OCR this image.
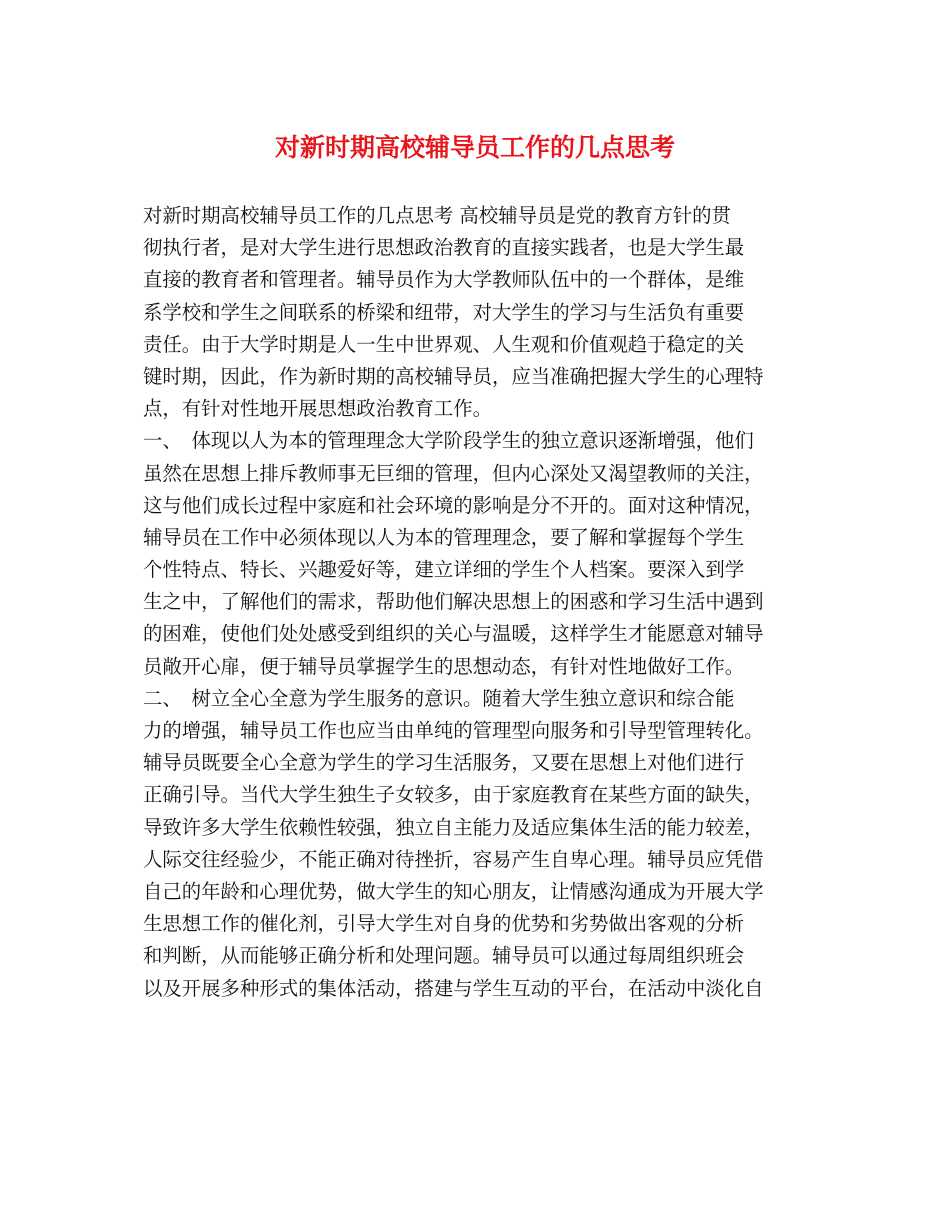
对新时期高校辅导员工作的几点思考
对新时期高校辅导员工作的几点思考 高校辅导员是党的教育方针的贯
彻执行者，是对大学生进行思想政治教育的直接实践者，也是大学生最
直接的教育者和管理者。辅导员作为大学教师队伍中的一个群体，是维
系学校和学生之间联系的桥梁和纽带，对大学生的学习与生活负有重要
责任。由于大学时期是人一生中世界观、人生观和价值观趋于稳定的关
键时期，因此，作为新时期的高校辅导员，应当准确把握大学生的心理特
点，有针对性地开展思想政治教育工作。
一、　体现以人为本的管理理念大学阶段学生的独立意识逐渐增强，他们
虽然在思想上排斥教师事无巨细的管理，但内心深处又渴望教师的关注，
这与他们成长过程中家庭和社会环境的影响是分不开的。面对这种情况，
辅导员在工作中必须体现以人为本的管理理念，要了解和掌握每个学生
个性特点、特长、兴趣爱好等，建立详细的学生个人档案。要深入到学
生之中，了解他们的需求，帮助他们解决思想上的困惑和学习生活中遇到
的困难，使他们处处感受到组织的关心与温暖，这样学生才能愿意对辅导
员敞开心扉，便于辅导员掌握学生的思想动态，有针对性地做好工作。
二、　树立全心全意为学生服务的意识。随着大学生独立意识和综合能
力的增强，辅导员工作也应当由单纯的管理型向服务和引导型管理转化。
辅导员既要全心全意为学生的学习生活服务，又要在思想上对他们进行
正确引导。当代大学生独生子女较多，由于家庭教育在某些方面的缺失，
导致许多大学生依赖性较强，独立自主能力及适应集体生活的能力较差，
人际交往经验少，不能正确对待挫折，容易产生自卑心理。辅导员应凭借
自己的年龄和心理优势，做大学生的知心朋友，让情感沟通成为开展大学
生思想工作的催化剂，引导大学生对自身的优势和劣势做出客观的分析
和判断，从而能够正确分析和处理问题。辅导员可以通过每周组织班会
以及开展多种形式的集体活动，搭建与学生互动的平台，在活动中淡化自
